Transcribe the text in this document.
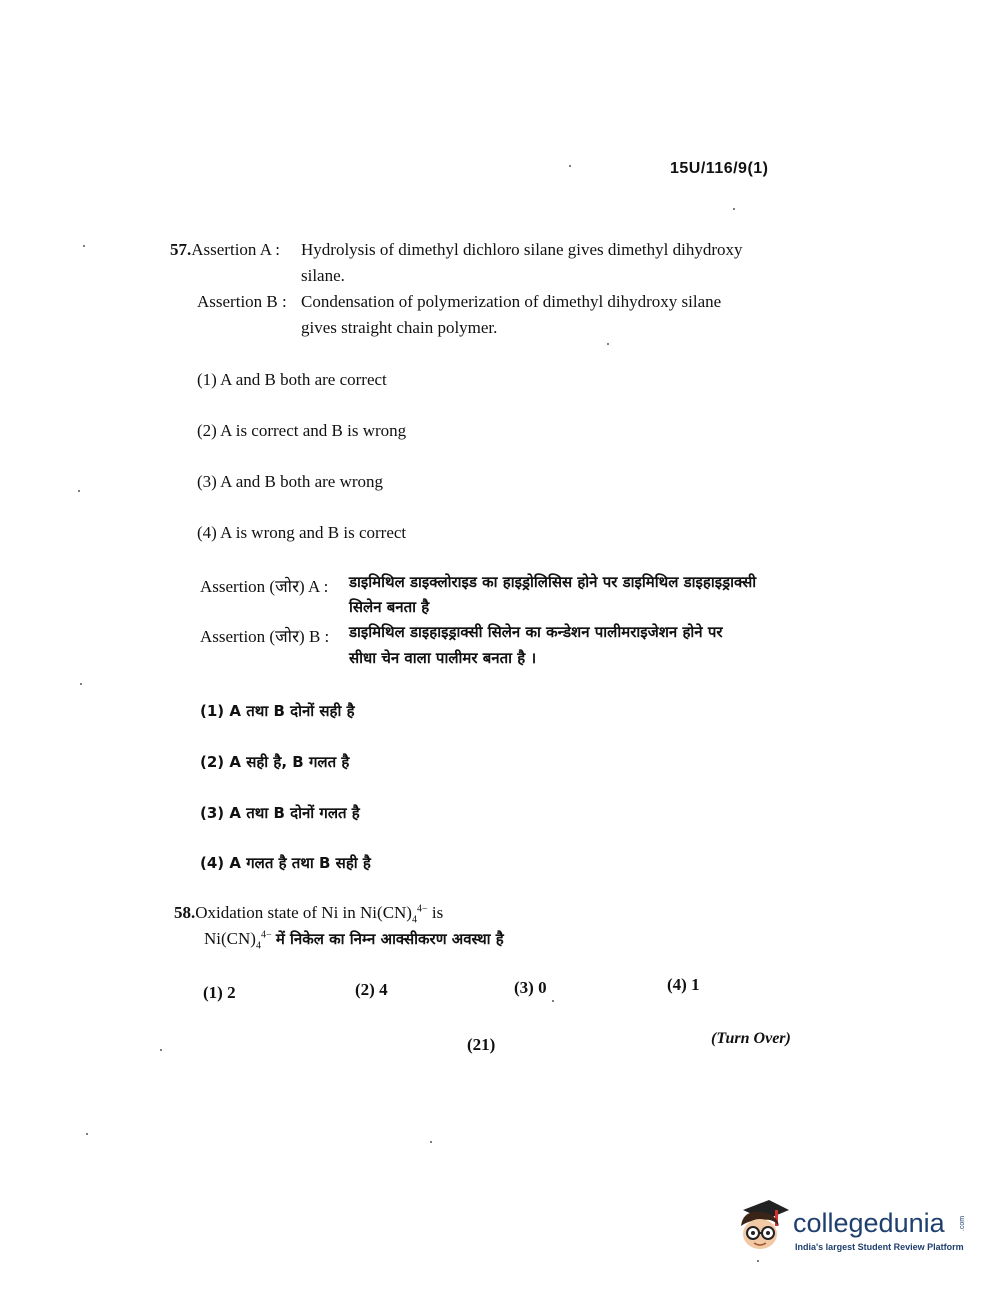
15U/116/9(1)
57.Assertion A : Hydrolysis of dimethyl dichloro silane gives dimethyl dihydroxy
silane.
Assertion B : Condensation of polymerization of dimethyl dihydroxy silane
gives straight chain polymer.
(1) A and B both are correct
(2) A is correct and B is wrong
(3) A and B both are wrong
(4) A is wrong and B is correct
Assertion (जोर) A : डाइमिथिल डाइक्लोराइड का हाइड्रोलिसिस होने पर डाइमिथिल डाइहाइड्राक्सी
सिलेन बनता है
Assertion (जोर) B : डाइमिथिल डाइहाइड्राक्सी सिलेन का कन्डेशन पालीमराइजेशन होने पर
सीधा चेन वाला पालीमर बनता है ।
(1) A तथा B दोनों सही है
(2) A सही है, B गलत है
(3) A तथा B दोनों गलत है
(4) A गलत है तथा B सही है
58.Oxidation state of Ni in $Ni(CN)_4^{4-}$ is
$Ni(CN)_4^{4-}$ में निकेल का निम्न आक्सीकरण अवस्था है
(1) 2	(2) 4	(3) 0	(4) 1
(21)	(Turn Over)
collegedunia .com
India's largest Student Review Platform
